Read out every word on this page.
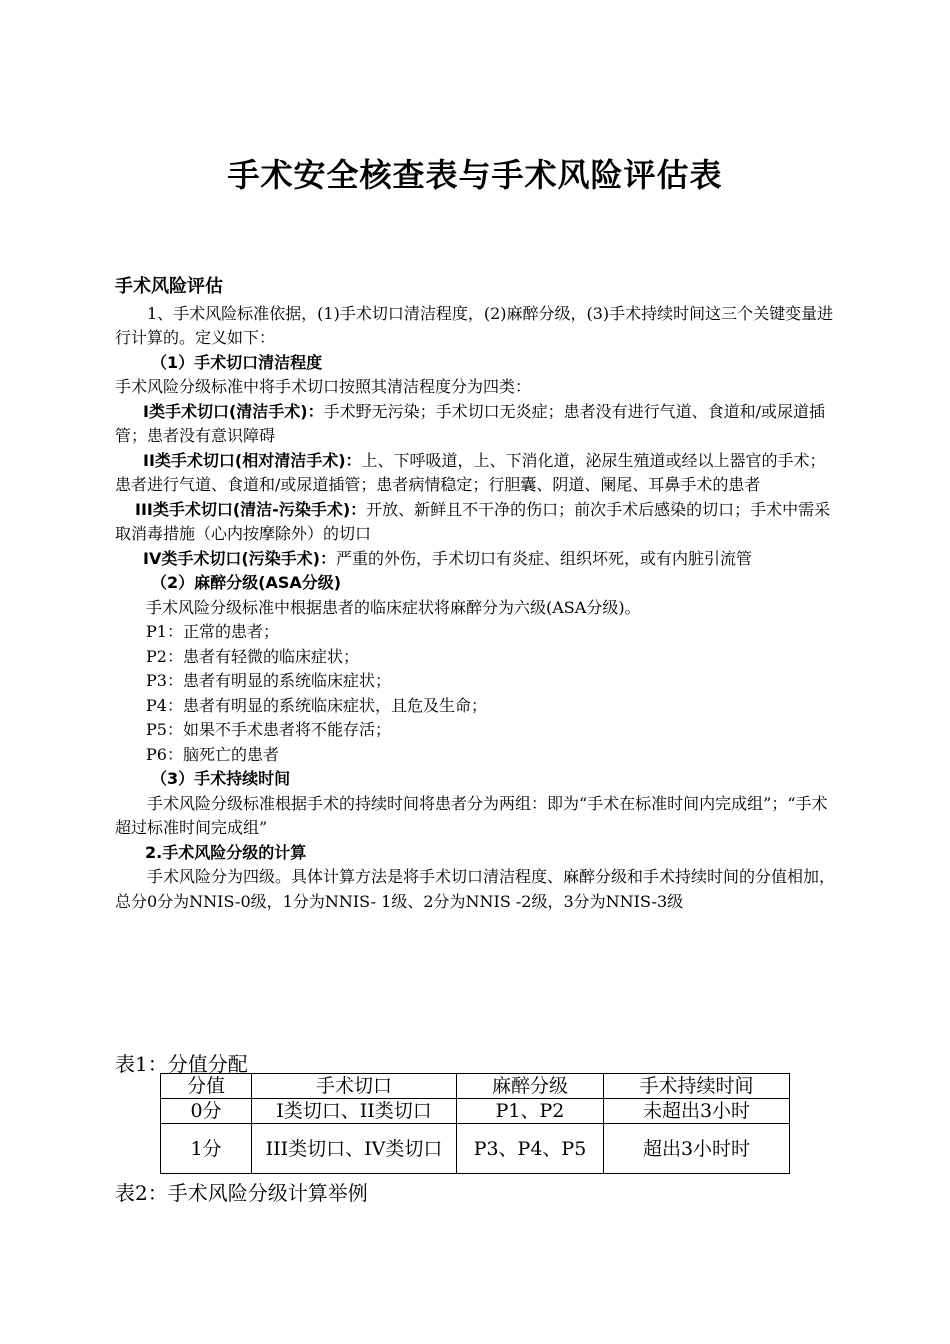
手术安全核查表与手术风险评估表

手术风险评估

1、手术风险标准依据，(1)手术切口清洁程度，(2)麻醉分级，(3)手术持续时间这三个关键变量进行计算的。定义如下：

（1）手术切口清洁程度

手术风险分级标准中将手术切口按照其清洁程度分为四类：

I类手术切口(清洁手术)：手术野无污染；手术切口无炎症；患者没有进行气道、食道和/或尿道插管；患者没有意识障碍

II类手术切口(相对清洁手术)：上、下呼吸道，上、下消化道，泌尿生殖道或经以上器官的手术；患者进行气道、食道和/或尿道插管；患者病情稳定；行胆囊、阴道、阑尾、耳鼻手术的患者

III类手术切口(清洁-污染手术)：开放、新鲜且不干净的伤口；前次手术后感染的切口；手术中需采取消毒措施（心内按摩除外）的切口

IV类手术切口(污染手术)：严重的外伤，手术切口有炎症、组织坏死，或有内脏引流管

（2）麻醉分级(ASA分级)

手术风险分级标准中根据患者的临床症状将麻醉分为六级(ASA分级)。

P1：正常的患者；

P2：患者有轻微的临床症状；

P3：患者有明显的系统临床症状；

P4：患者有明显的系统临床症状，且危及生命；

P5：如果不手术患者将不能存活；

P6：脑死亡的患者

（3）手术持续时间

手术风险分级标准根据手术的持续时间将患者分为两组：即为“手术在标准时间内完成组”；“手术超过标准时间完成组”

2.手术风险分级的计算

手术风险分为四级。具体计算方法是将手术切口清洁程度、麻醉分级和手术持续时间的分值相加，总分0分为NNIS-0级，1分为NNIS- 1级、2分为NNIS -2级，3分为NNIS-3级

表1：分值分配
分值	手术切口	麻醉分级	手术持续时间
0分	I类切口、II类切口	P1、P2	未超出3小时
1分	III类切口、IV类切口	P3、P4、P5	超出3小时时
表2：手术风险分级计算举例
